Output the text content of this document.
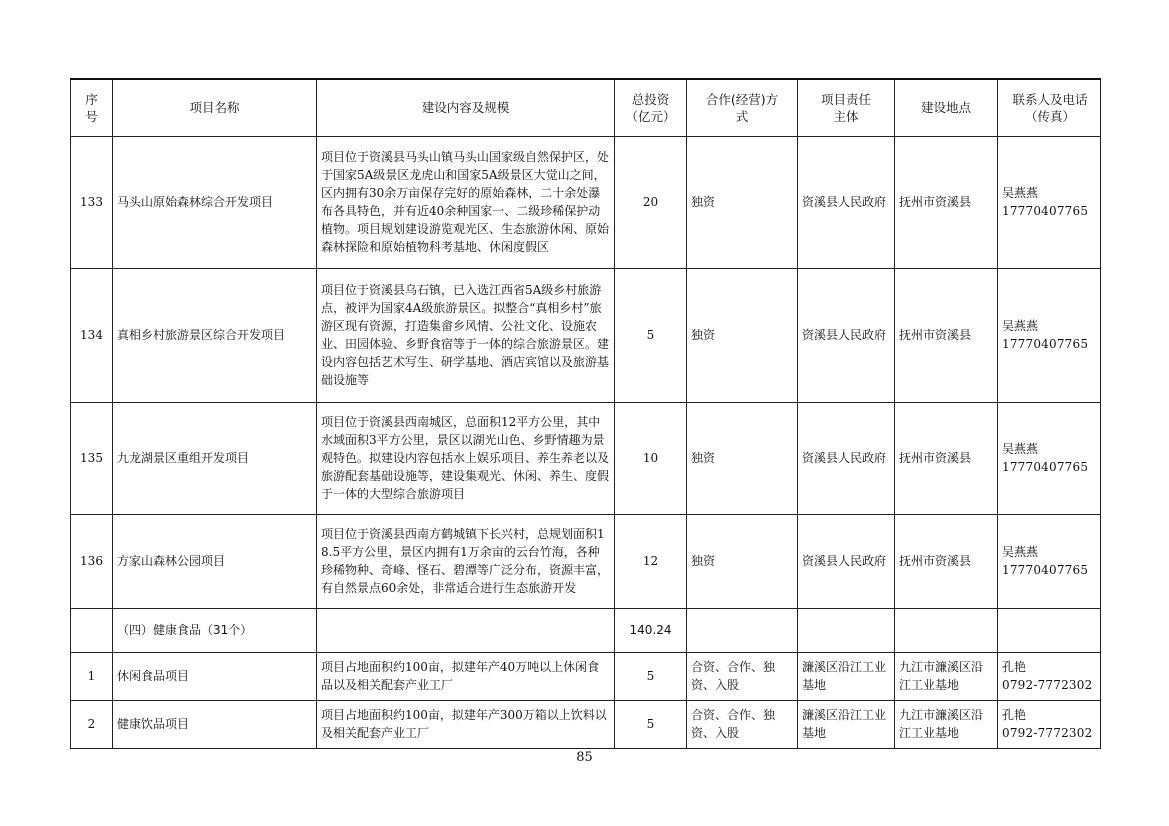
序号	项目名称	建设内容及规模	总投资（亿元）	合作(经营)方式	项目责任主体	建设地点	联系人及电话（传真）
133	马头山原始森林综合开发项目	项目位于资溪县马头山镇马头山国家级自然保护区，处于国家5A级景区龙虎山和国家5A级景区大觉山之间，区内拥有30余万亩保存完好的原始森林，二十余处瀑布各具特色，并有近40余种国家一、二级珍稀保护动植物。项目规划建设游览观光区、生态旅游休闲、原始森林探险和原始植物科考基地、休闲度假区	20	独资	资溪县人民政府	抚州市资溪县	吴燕燕
17770407765

134	真相乡村旅游景区综合开发项目	项目位于资溪县乌石镇，已入选江西省5A级乡村旅游点，被评为国家4A级旅游景区。拟整合“真相乡村”旅游区现有资源，打造集畲乡风情、公社文化、设施农业、田园体验、乡野食宿等于一体的综合旅游景区。建设内容包括艺术写生、研学基地、酒店宾馆以及旅游基础设施等	5	独资	资溪县人民政府	抚州市资溪县	吴燕燕
17770407765

135	九龙湖景区重组开发项目	项目位于资溪县西南城区，总面积12平方公里，其中水域面积3平方公里，景区以湖光山色、乡野情趣为景观特色。拟建设内容包括水上娱乐项目、养生养老以及旅游配套基础设施等，建设集观光、休闲、养生、度假于一体的大型综合旅游项目	10	独资	资溪县人民政府	抚州市资溪县	吴燕燕
17770407765

136	方家山森林公园项目	项目位于资溪县西南方鹤城镇下长兴村，总规划面积18.5平方公里，景区内拥有1万余亩的云台竹海，各种珍稀物种、奇峰、怪石、碧潭等广泛分布，资源丰富，有自然景点60余处，非常适合进行生态旅游开发	12	独资	资溪县人民政府	抚州市资溪县	吴燕燕
17770407765

	（四）健康食品（31个）		140.24				
1	休闲食品项目	项目占地面积约100亩，拟建年产40万吨以上休闲食品以及相关配套产业工厂	5	合资、合作、独资、入股	濂溪区沿江工业基地	九江市濂溪区沿江工业基地	孔艳
0792-7772302

2	健康饮品项目	项目占地面积约100亩，拟建年产300万箱以上饮料以及相关配套产业工厂	5	合资、合作、独资、入股	濂溪区沿江工业基地	九江市濂溪区沿江工业基地	孔艳
0792-7772302
85
